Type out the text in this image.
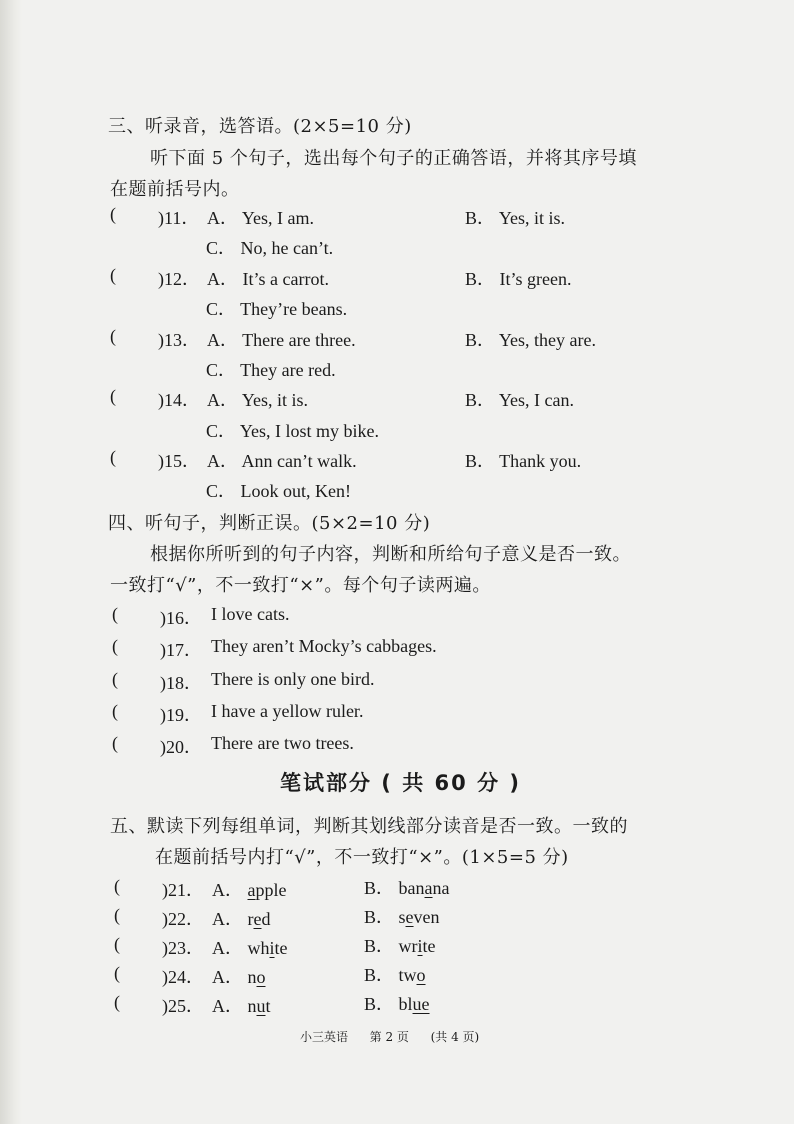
三、听录音，选答语。(2×5=10 分)
听下面 5 个句子，选出每个句子的正确答语，并将其序号填
在题前括号内。
( )11． A． Yes, I am.	B． Yes, it is.
C． No, he can’t.
( )12． A． It’s a carrot.	B． It’s green.
C． They’re beans.
( )13． A． There are three.	B． Yes, they are.
C． They are red.
( )14． A． Yes, it is.	B． Yes, I can.
C． Yes, I lost my bike.
( )15． A． Ann can’t walk.	B． Thank you.
C． Look out, Ken!
四、听句子，判断正误。(5×2=10 分)
根据你所听到的句子内容，判断和所给句子意义是否一致。
一致打“√”，不一致打“×”。每个句子读两遍。
( )16． I love cats.
( )17． They aren’t Mocky’s cabbages.
( )18． There is only one bird.
( )19． I have a yellow ruler.
( )20． There are two trees.
笔试部分 ( 共 60 分 )
五、默读下列每组单词，判断其划线部分读音是否一致。一致的
在题前括号内打“√”，不一致打“×”。(1×5=5 分)
( )21． A． apple	B． banana
( )22． A． red	B． seven
( )23． A． white	B． write
( )24． A． no	B． two
( )25． A． nut	B． blue
小三英语 第 2 页 (共 4 页)
